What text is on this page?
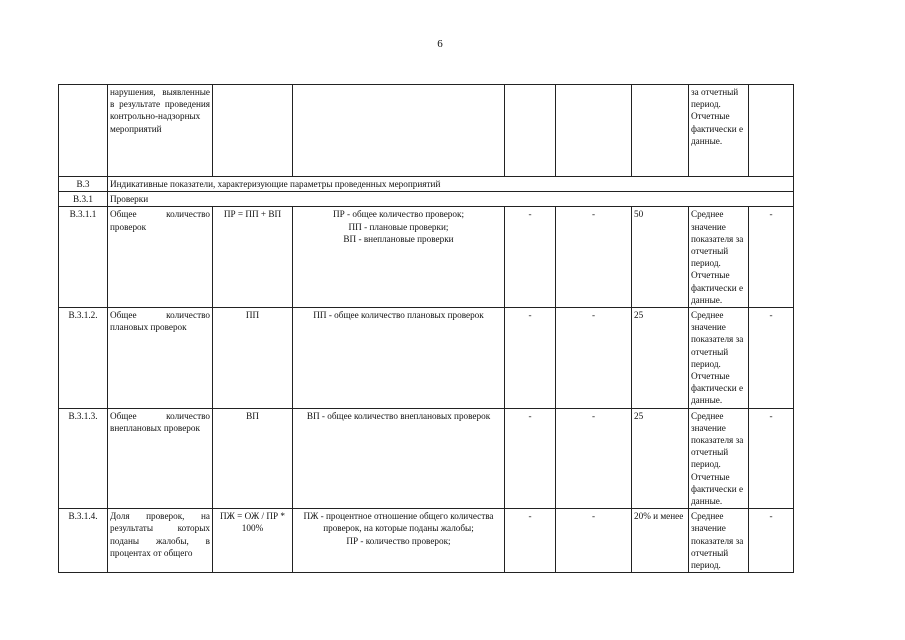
6
	нарушения, выявленные в результате проведения контрольно-надзорных мероприятий						за отчетный период. Отчетные фактически е данные.	
В.3	Индикативные показатели, характеризующие параметры проведенных мероприятий							
В.3.1	Проверки							
В.3.1.1	Общее количество проверок	ПР = ПП + ВП	ПР - общее количество проверок;
ПП - плановые проверки;
ВП - внеплановые проверки	-	-	50	Среднее значение показателя за отчетный период. Отчетные фактически е данные.	-
В.3.1.2.	Общее количество плановых проверок	ПП	ПП - общее количество плановых проверок	-	-	25	Среднее значение показателя за отчетный период. Отчетные фактически е данные.	-
В.3.1.3.	Общее количество внеплановых проверок	ВП	ВП - общее количество внеплановых проверок	-	-	25	Среднее значение показателя за отчетный период. Отчетные фактически е данные.	-
В.3.1.4.	Доля проверок, на результаты которых поданы жалобы, в процентах от общего	ПЖ = ОЖ / ПР * 100%	ПЖ - процентное отношение общего количества проверок, на которые поданы жалобы;
ПР - количество проверок;	-	-	20% и менее	Среднее значение показателя за отчетный период.	-
